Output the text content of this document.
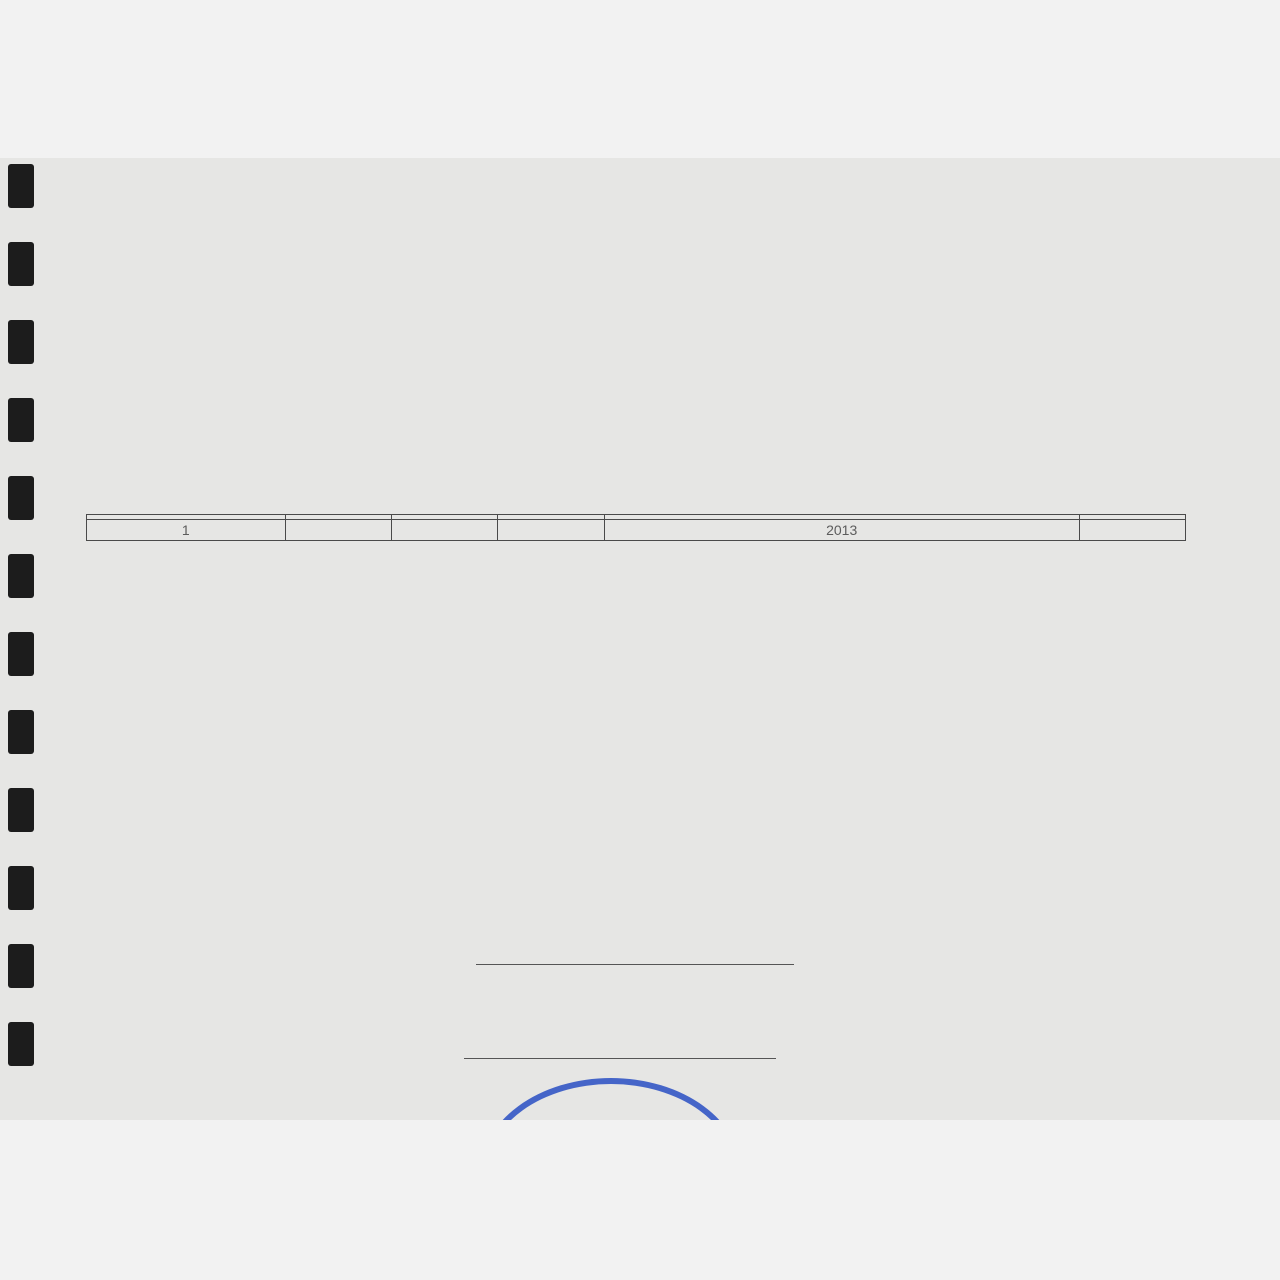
1				2013	
